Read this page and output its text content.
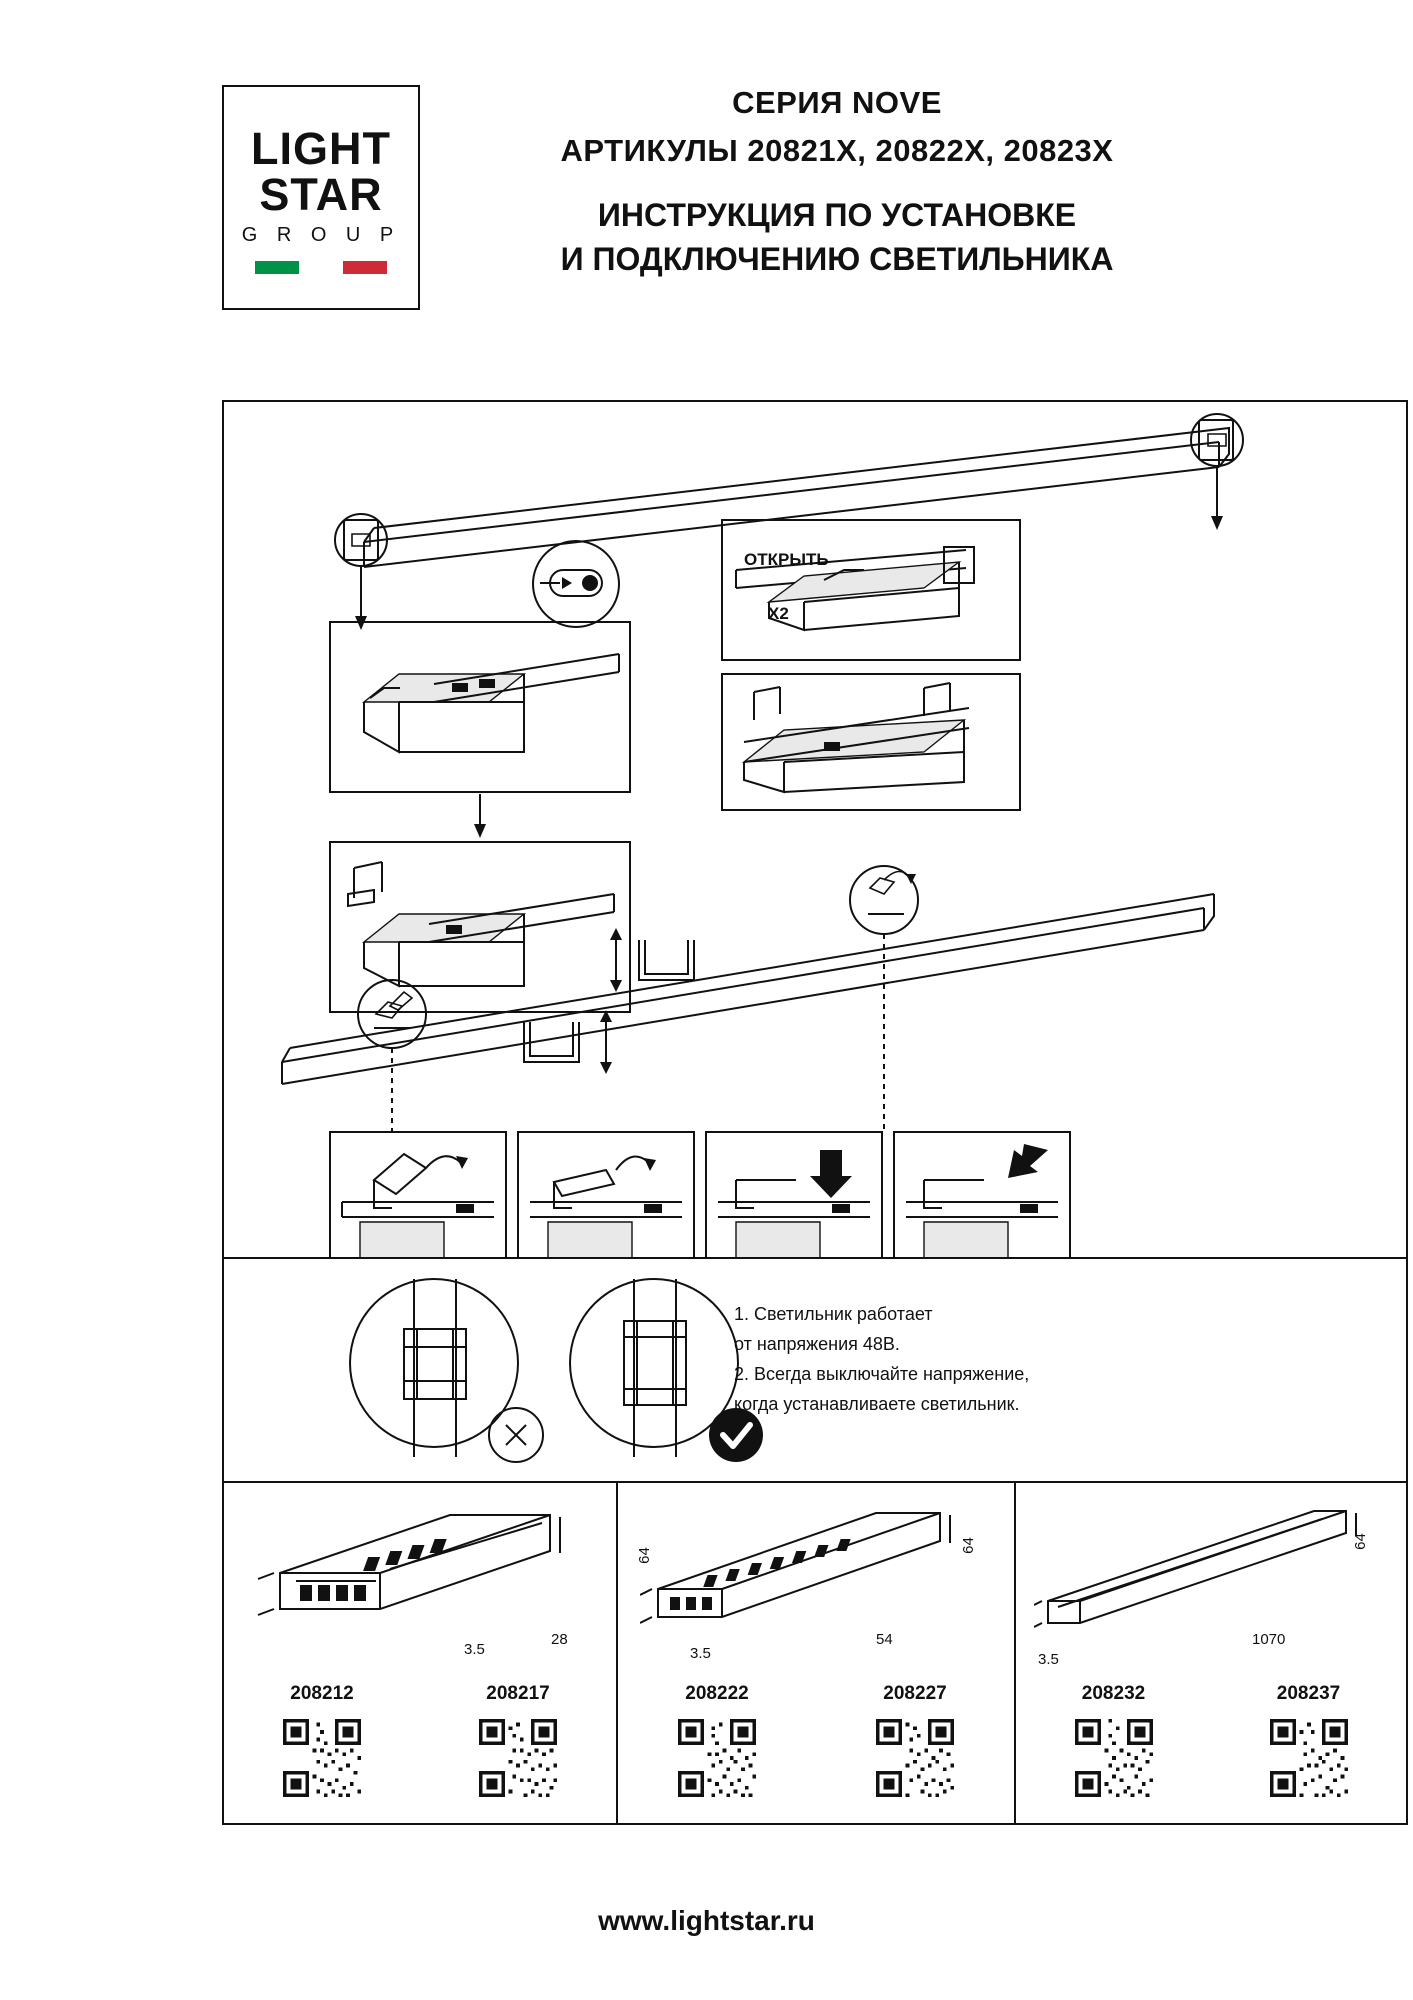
LIGHT
STAR
G R O U P
СЕРИЯ NOVE
АРТИКУЛЫ 20821X, 20822X, 20823X
ИНСТРУКЦИЯ ПО УСТАНОВКЕ
И ПОДКЛЮЧЕНИЮ СВЕТИЛЬНИКА
ОТКРЫТЬ
X2
1. Светильник работает
от напряжения 48В.
2. Всегда выключайте напряжение,
когда устанавливаете светильник.
64
28
3.5
208212	208217
64
54
3.5
208222	208227
64
1070
3.5
208232	208237
www.lightstar.ru
